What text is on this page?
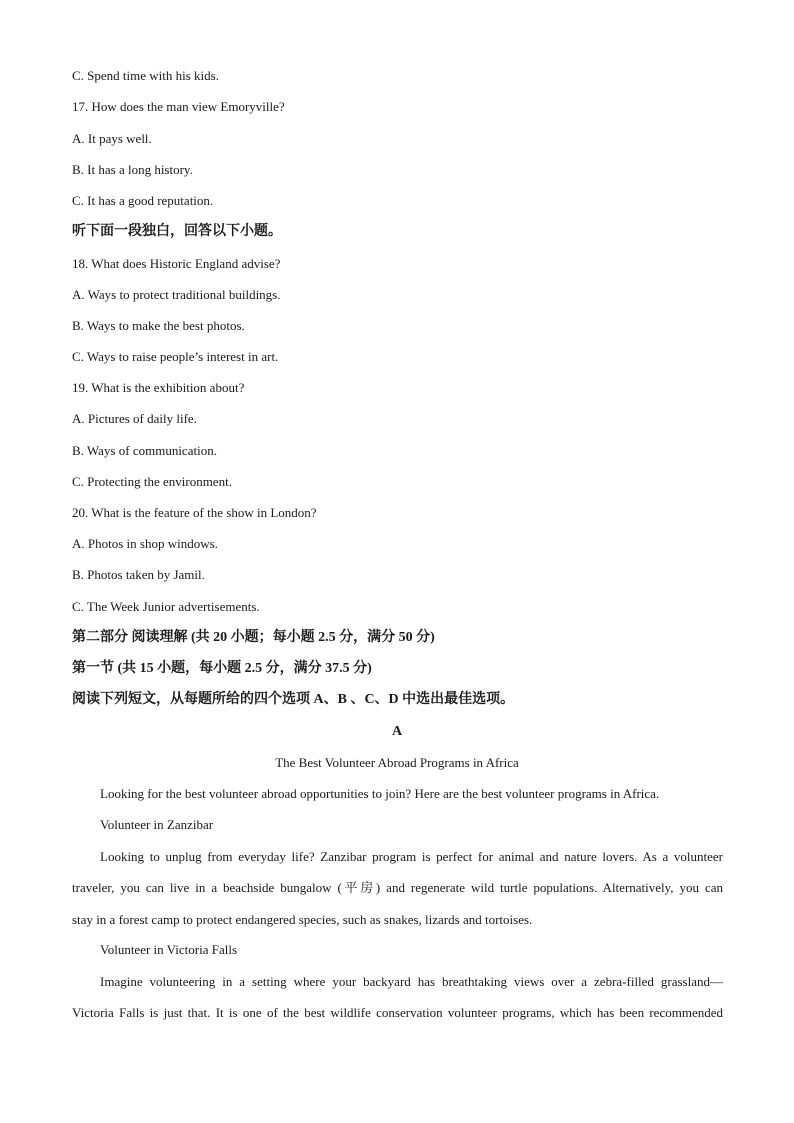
C. Spend time with his kids.
17. How does the man view Emoryville?
A. It pays well.
B. It has a long history.
C. It has a good reputation.
听下面一段独白，回答以下小题。
18. What does Historic England advise?
A. Ways to protect traditional buildings.
B. Ways to make the best photos.
C. Ways to raise people’s interest in art.
19. What is the exhibition about?
A. Pictures of daily life.
B. Ways of communication.
C. Protecting the environment.
20. What is the feature of the show in London?
A. Photos in shop windows.
B. Photos taken by Jamil.
C. The Week Junior advertisements.
第二部分 阅读理解 (共 20 小题；每小题 2.5 分，满分 50 分)
第一节 (共 15 小题，每小题 2.5 分，满分 37.5 分)
阅读下列短文，从每题所给的四个选项 A、B 、C、D 中选出最佳选项。
A
The Best Volunteer Abroad Programs in Africa
Looking for the best volunteer abroad opportunities to join? Here are the best volunteer programs in Africa.
Volunteer in Zanzibar
Looking to unplug from everyday life? Zanzibar program is perfect for animal and nature lovers. As a volunteer
traveler, you can live in a beachside bungalow (平房) and regenerate wild turtle populations. Alternatively, you can
stay in a forest camp to protect endangered species, such as snakes, lizards and tortoises.
Volunteer in Victoria Falls
Imagine volunteering in a setting where your backyard has breathtaking views over a zebra-filled grassland—
Victoria Falls is just that. It is one of the best wildlife conservation volunteer programs, which has been recommended
